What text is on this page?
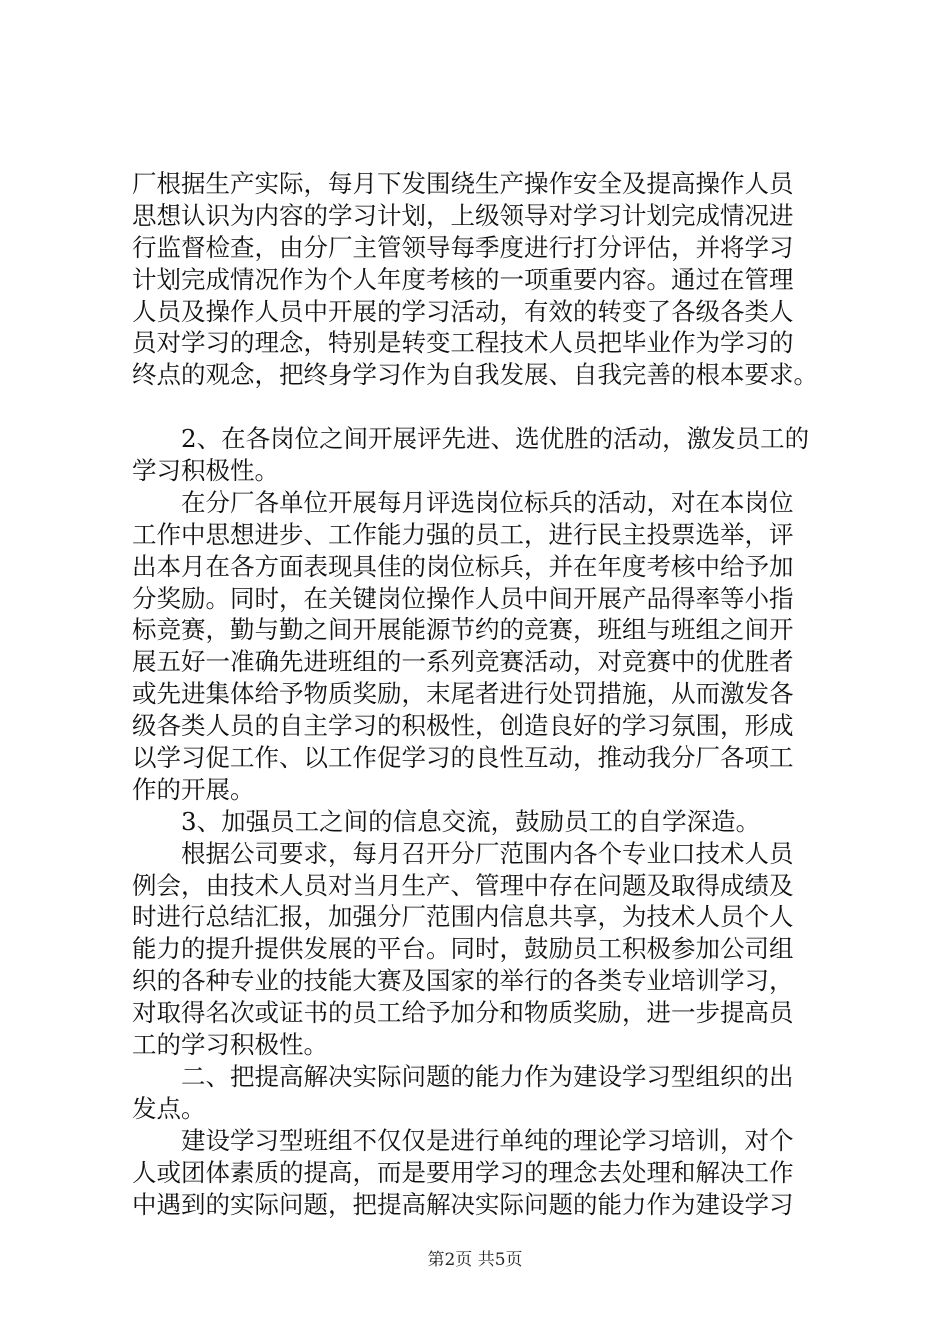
厂根据生产实际，每月下发围绕生产操作安全及提高操作人员
思想认识为内容的学习计划，上级领导对学习计划完成情况进
行监督检查，由分厂主管领导每季度进行打分评估，并将学习
计划完成情况作为个人年度考核的一项重要内容。通过在管理
人员及操作人员中开展的学习活动，有效的转变了各级各类人
员对学习的理念，特别是转变工程技术人员把毕业作为学习的
终点的观念，把终身学习作为自我发展、自我完善的根本要求。
　　2、在各岗位之间开展评先进、选优胜的活动，激发员工的
学习积极性。
　　在分厂各单位开展每月评选岗位标兵的活动，对在本岗位
工作中思想进步、工作能力强的员工，进行民主投票选举，评
出本月在各方面表现具佳的岗位标兵，并在年度考核中给予加
分奖励。同时，在关键岗位操作人员中间开展产品得率等小指
标竞赛，勤与勤之间开展能源节约的竞赛，班组与班组之间开
展五好一准确先进班组的一系列竞赛活动，对竞赛中的优胜者
或先进集体给予物质奖励，末尾者进行处罚措施，从而激发各
级各类人员的自主学习的积极性，创造良好的学习氛围，形成
以学习促工作、以工作促学习的良性互动，推动我分厂各项工
作的开展。
　　3、加强员工之间的信息交流，鼓励员工的自学深造。
　　根据公司要求，每月召开分厂范围内各个专业口技术人员
例会，由技术人员对当月生产、管理中存在问题及取得成绩及
时进行总结汇报，加强分厂范围内信息共享，为技术人员个人
能力的提升提供发展的平台。同时，鼓励员工积极参加公司组
织的各种专业的技能大赛及国家的举行的各类专业培训学习，
对取得名次或证书的员工给予加分和物质奖励，进一步提高员
工的学习积极性。
　　二、把提高解决实际问题的能力作为建设学习型组织的出
发点。
　　建设学习型班组不仅仅是进行单纯的理论学习培训，对个
人或团体素质的提高，而是要用学习的理念去处理和解决工作
中遇到的实际问题，把提高解决实际问题的能力作为建设学习
第2页 共5页
